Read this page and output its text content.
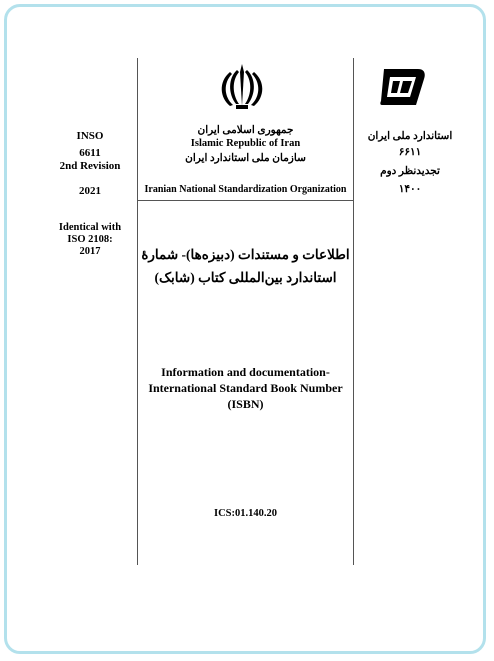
INSO
6611
2nd Revision
2021
Identical with
ISO 2108:
2017
جمهوری اسلامی ایران
Islamic Republic of Iran
سازمان ملی استاندارد ایران
Iranian National Standardization Organization
اطلاعات و مستندات (دبیزه‌ها)- شمارهٔ
استاندارد بین‌المللی کتاب (شابک)
Information and documentation-
International Standard Book Number
(ISBN)
ICS:01.140.20
استاندارد ملی ایران
۶۶۱۱
تجدیدنظر دوم
۱۴۰۰
